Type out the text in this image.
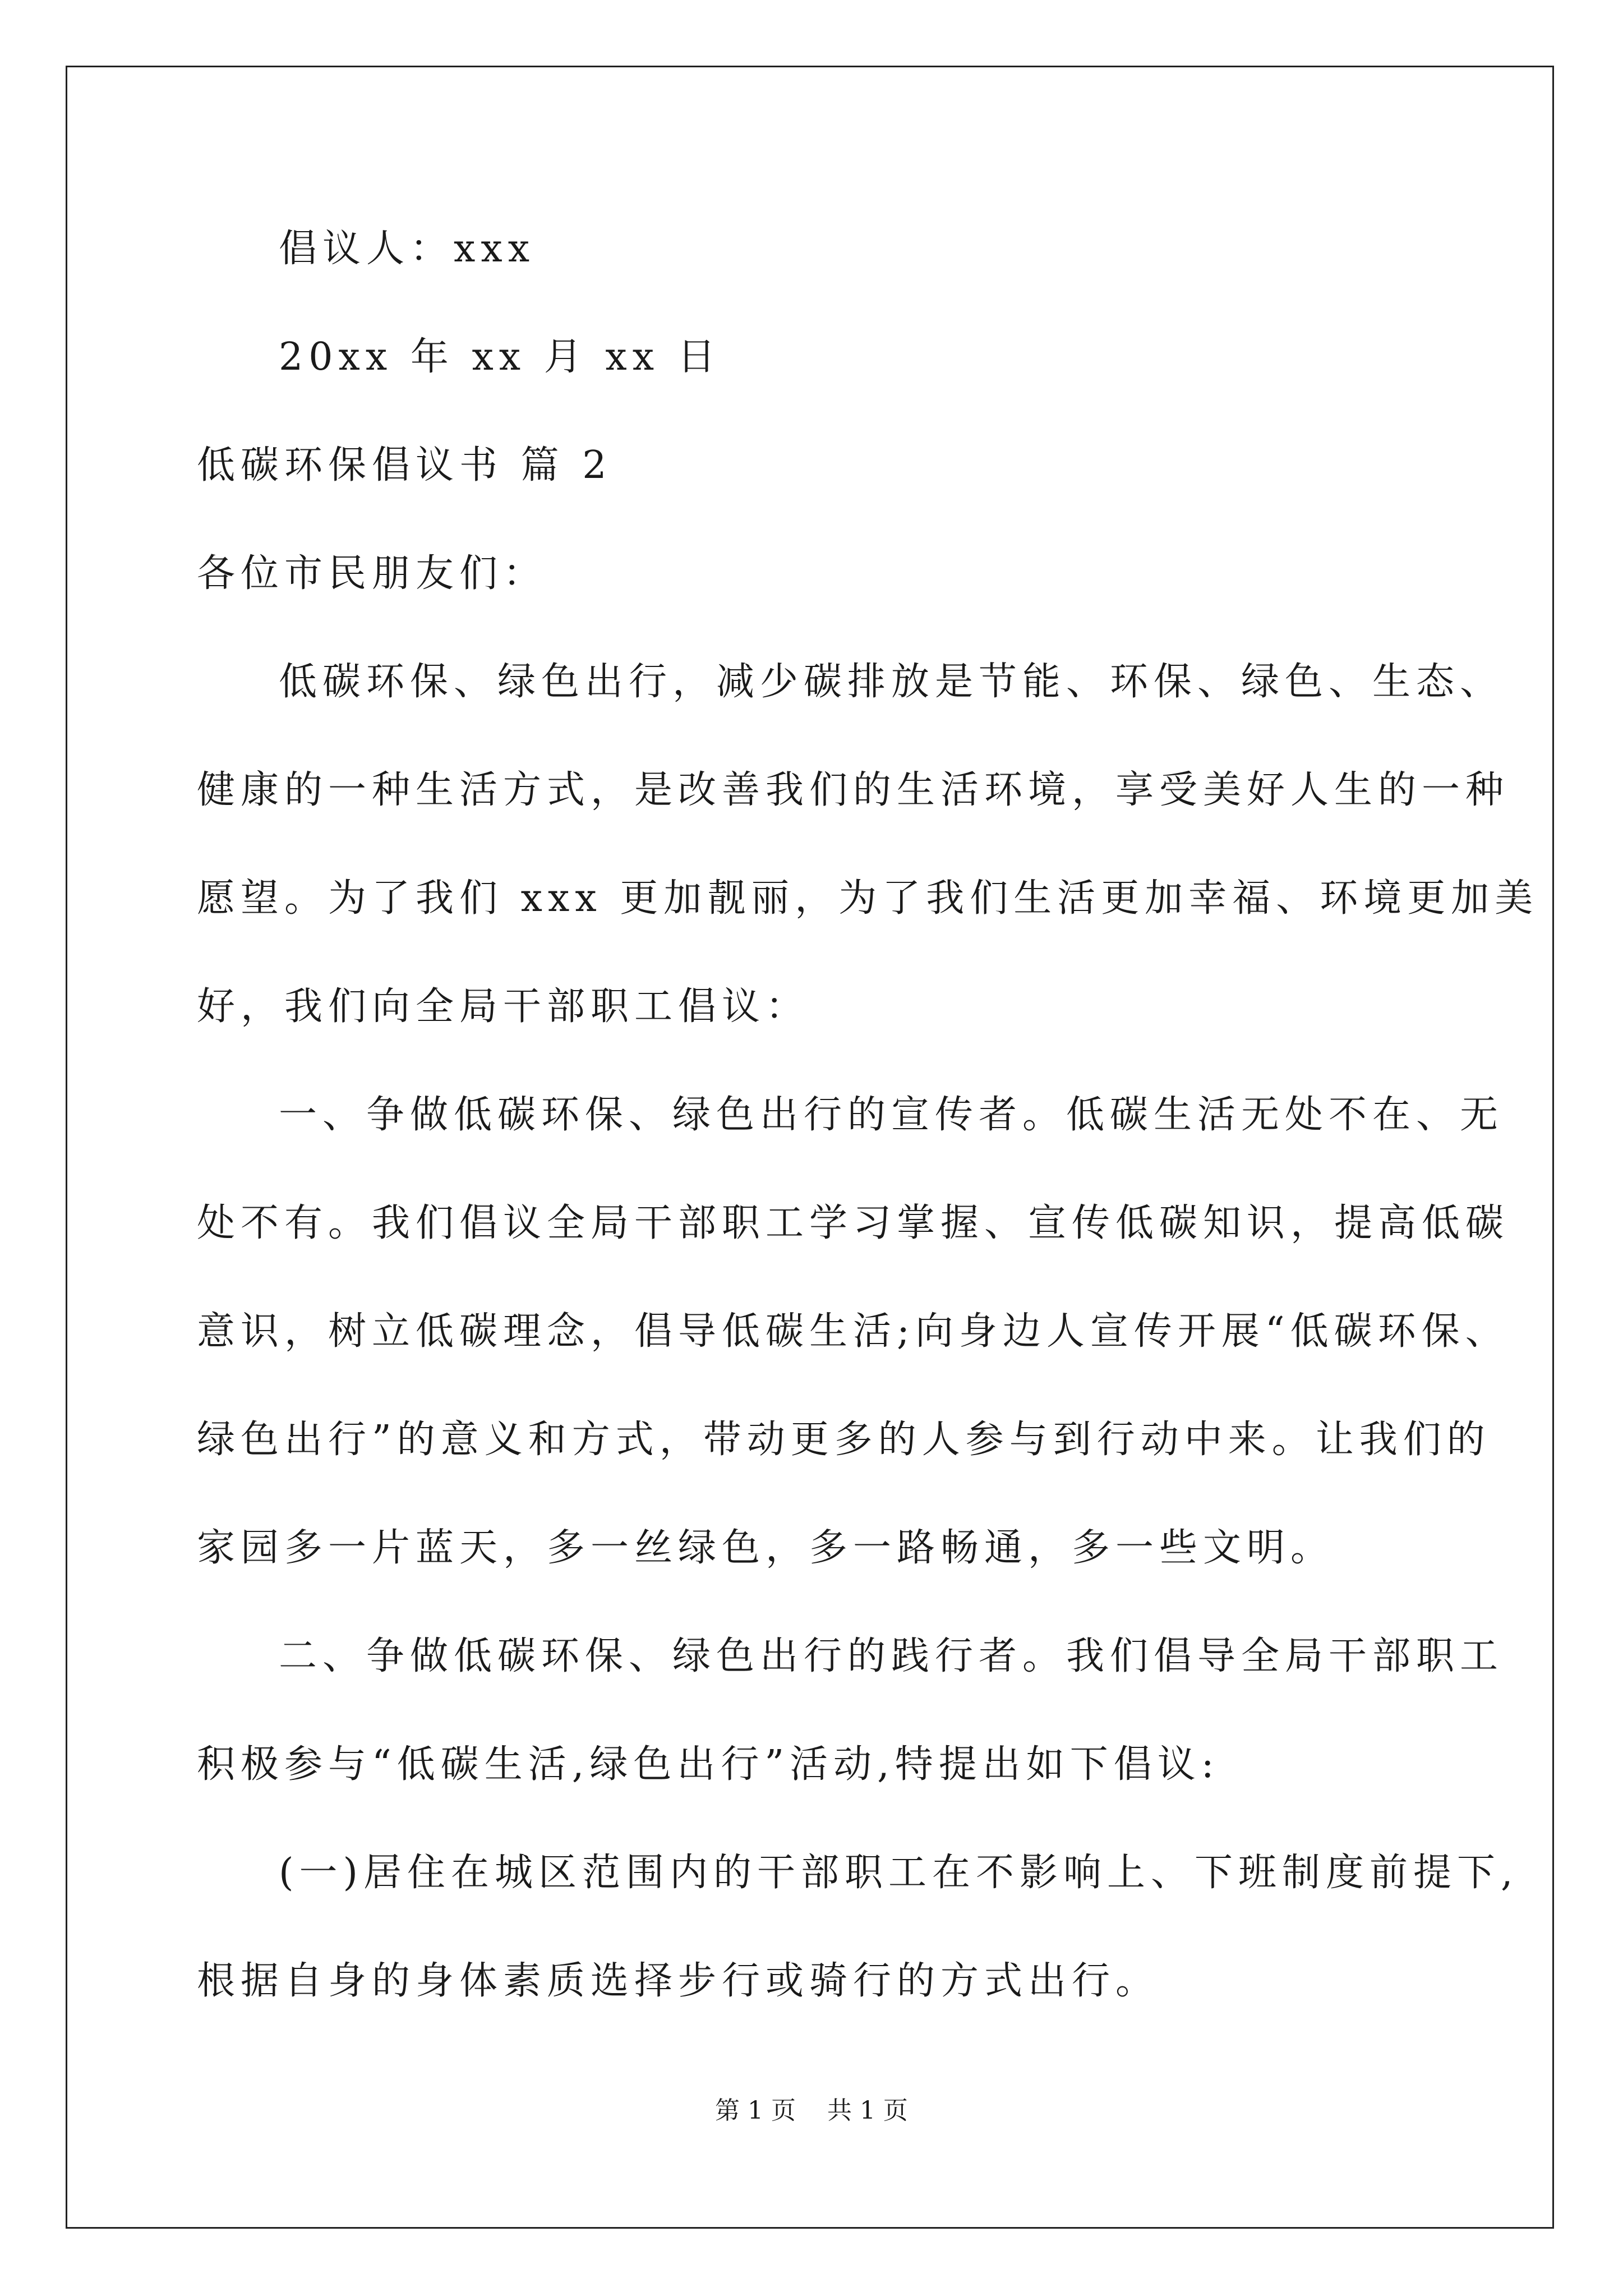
倡议人：xxx
20xx 年 xx 月 xx 日
低碳环保倡议书 篇 2
各位市民朋友们：
低碳环保、绿色出行，减少碳排放是节能、环保、绿色、生态、
健康的一种生活方式，是改善我们的生活环境，享受美好人生的一种
愿望。为了我们 xxx 更加靓丽，为了我们生活更加幸福、环境更加美
好，我们向全局干部职工倡议：
一、争做低碳环保、绿色出行的宣传者。低碳生活无处不在、无
处不有。我们倡议全局干部职工学习掌握、宣传低碳知识，提高低碳
意识，树立低碳理念，倡导低碳生活;向身边人宣传开展“低碳环保、
绿色出行”的意义和方式，带动更多的人参与到行动中来。让我们的
家园多一片蓝天，多一丝绿色，多一路畅通，多一些文明。
二、争做低碳环保、绿色出行的践行者。我们倡导全局干部职工
积极参与“低碳生活,绿色出行”活动,特提出如下倡议:
(一)居住在城区范围内的干部职工在不影响上、下班制度前提下,
根据自身的身体素质选择步行或骑行的方式出行。
第 1 页    共 1 页
